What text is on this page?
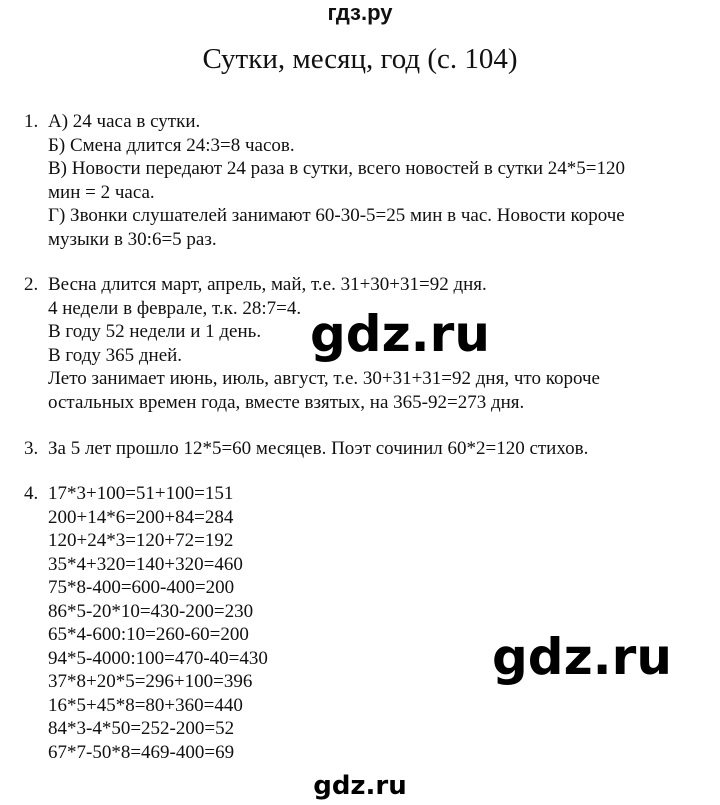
гдз.ру
Сутки, месяц, год (с. 104)
1. А) 24 часа в сутки.
Б) Смена длится 24:3=8 часов.
В) Новости передают 24 раза в сутки, всего новостей в сутки 24*5=120
мин = 2 часа.
Г) Звонки слушателей занимают 60-30-5=25 мин в час. Новости короче
музыки в 30:6=5 раз.
2. Весна длится март, апрель, май, т.е. 31+30+31=92 дня.
4 недели в феврале, т.к. 28:7=4.
В году 52 недели и 1 день.
В году 365 дней.
Лето занимает июнь, июль, август, т.е. 30+31+31=92 дня, что короче
остальных времен года, вместе взятых, на 365-92=273 дня.
3. За 5 лет прошло 12*5=60 месяцев. Поэт сочинил 60*2=120 стихов.
4. 17*3+100=51+100=151
200+14*6=200+84=284
120+24*3=120+72=192
35*4+320=140+320=460
75*8-400=600-400=200
86*5-20*10=430-200=230
65*4-600:10=260-60=200
94*5-4000:100=470-40=430
37*8+20*5=296+100=396
16*5+45*8=80+360=440
84*3-4*50=252-200=52
67*7-50*8=469-400=69
gdz.ru
gdz.ru
gdz.ru
